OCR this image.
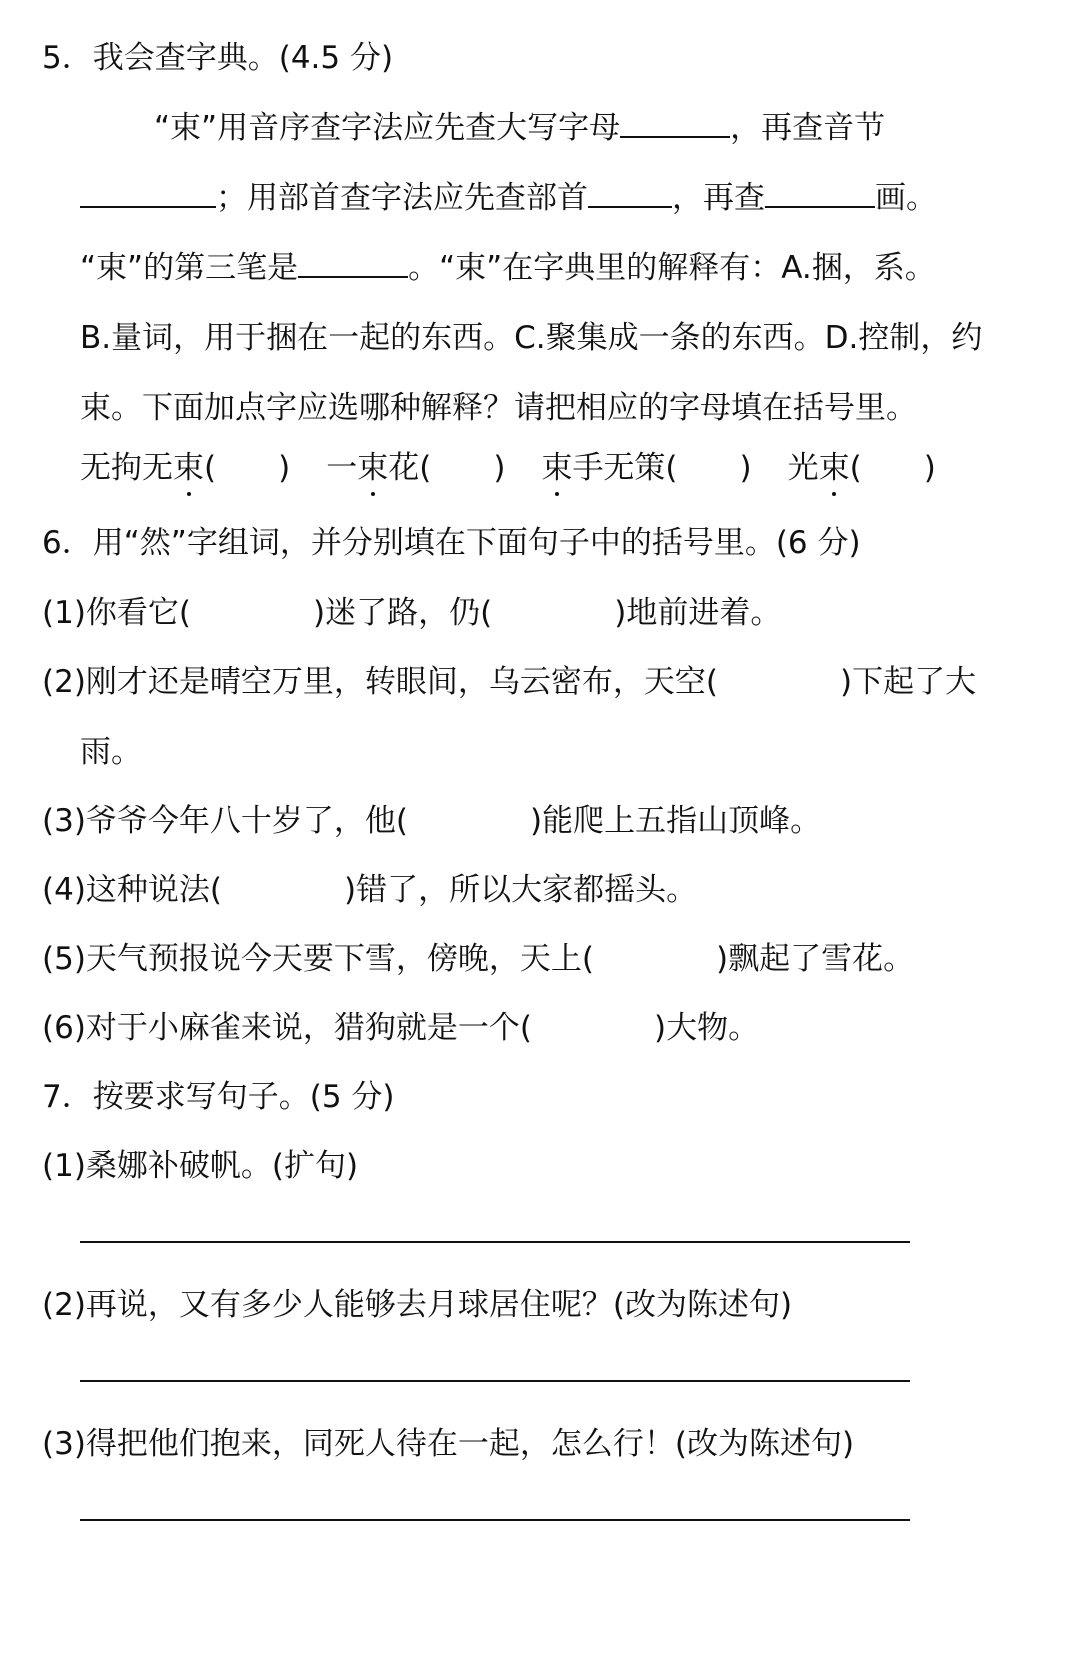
5．我会查字典。(4.5 分)
“束”用音序查字法应先查大写字母	，再查音节
；用部首查字法应先查部首	，再查	画。
“束”的第三笔是	。“束”在字典里的解释有：A.捆，系。
B.量词，用于捆在一起的东西。C.聚集成一条的东西。D.控制，约
束。下面加点字应选哪种解释？请把相应的字母填在括号里。
无拘无束( ) 一束花( ) 束手无策( ) 光束( )
6．用“然”字组词，并分别填在下面句子中的括号里。(6 分)
(1)你看它(	)迷了路，仍(	)地前进着。
(2)刚才还是晴空万里，转眼间，乌云密布，天空(	)下起了大
雨。
(3)爷爷今年八十岁了，他(	)能爬上五指山顶峰。
(4)这种说法(	)错了，所以大家都摇头。
(5)天气预报说今天要下雪，傍晚，天上(	)飘起了雪花。
(6)对于小麻雀来说，猎狗就是一个(	)大物。
7．按要求写句子。(5 分)
(1)桑娜补破帆。(扩句)
(2)再说，又有多少人能够去月球居住呢？(改为陈述句)
(3)得把他们抱来，同死人待在一起，怎么行！(改为陈述句)
